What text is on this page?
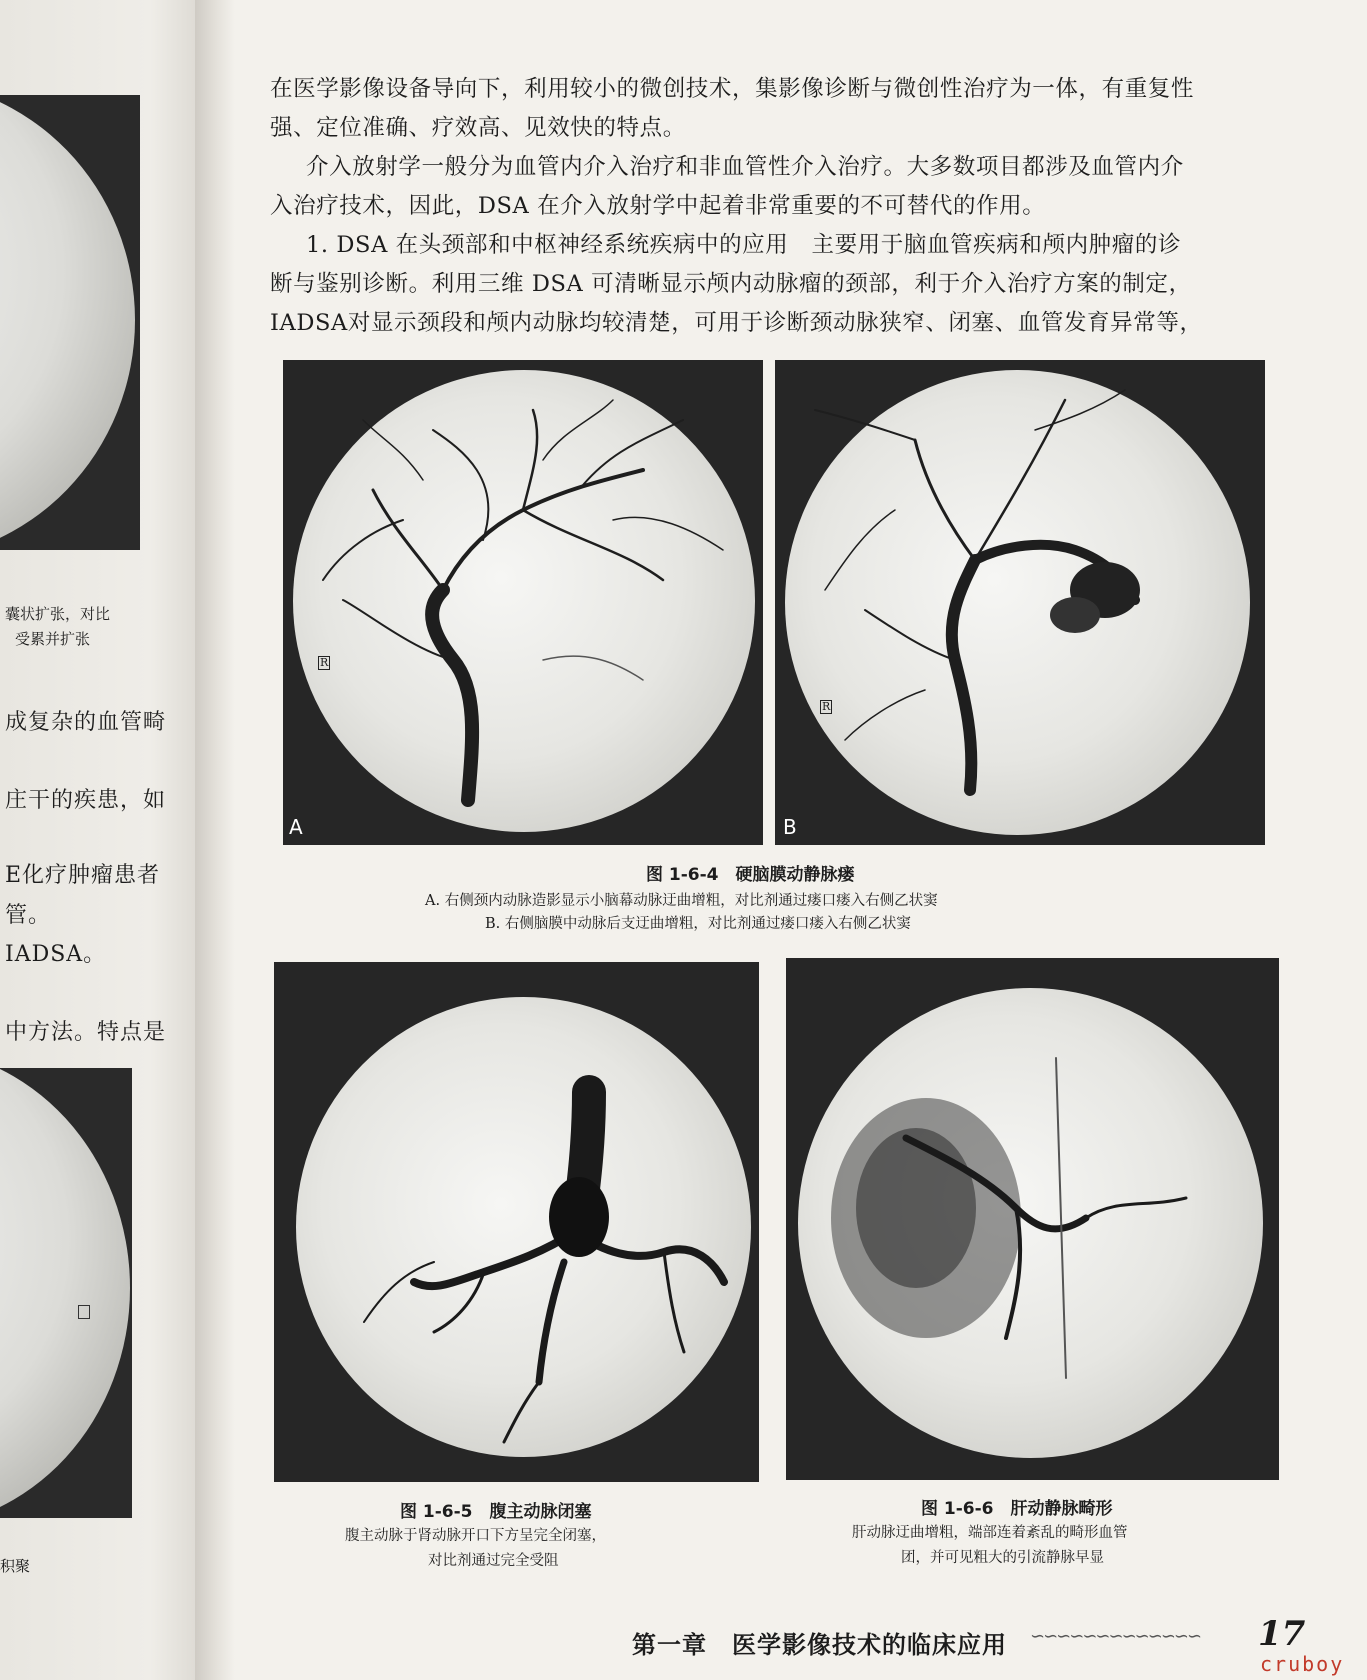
囊状扩张，对比
受累并扩张
成复杂的血管畸
庄干的疾患，如
E化疗肿瘤患者
管。
IADSA。
中方法。特点是
积聚
在医学影像设备导向下，利用较小的微创技术，集影像诊断与微创性治疗为一体，有重复性
强、定位准确、疗效高、见效快的特点。
介入放射学一般分为血管内介入治疗和非血管性介入治疗。大多数项目都涉及血管内介
入治疗技术，因此，DSA 在介入放射学中起着非常重要的不可替代的作用。
1. DSA 在头颈部和中枢神经系统疾病中的应用　主要用于脑血管疾病和颅内肿瘤的诊
断与鉴别诊断。利用三维 DSA 可清晰显示颅内动脉瘤的颈部，利于介入治疗方案的制定，
IADSA对显示颈段和颅内动脉均较清楚，可用于诊断颈动脉狭窄、闭塞、血管发育异常等，
R
A
R
B
图 1-6-4　硬脑膜动静脉瘘
A. 右侧颈内动脉造影显示小脑幕动脉迂曲增粗，对比剂通过瘘口瘘入右侧乙状窦
B. 右侧脑膜中动脉后支迂曲增粗，对比剂通过瘘口瘘入右侧乙状窦
图 1-6-5　腹主动脉闭塞
腹主动脉于肾动脉开口下方呈完全闭塞，
对比剂通过完全受阻
图 1-6-6　肝动静脉畸形
肝动脉迂曲增粗，端部连着紊乱的畸形血管
团，并可见粗大的引流静脉早显
第一章　医学影像技术的临床应用 ∽∽∽∽∽∽∽∽∽∽∽∽∽ 17
cruboy
